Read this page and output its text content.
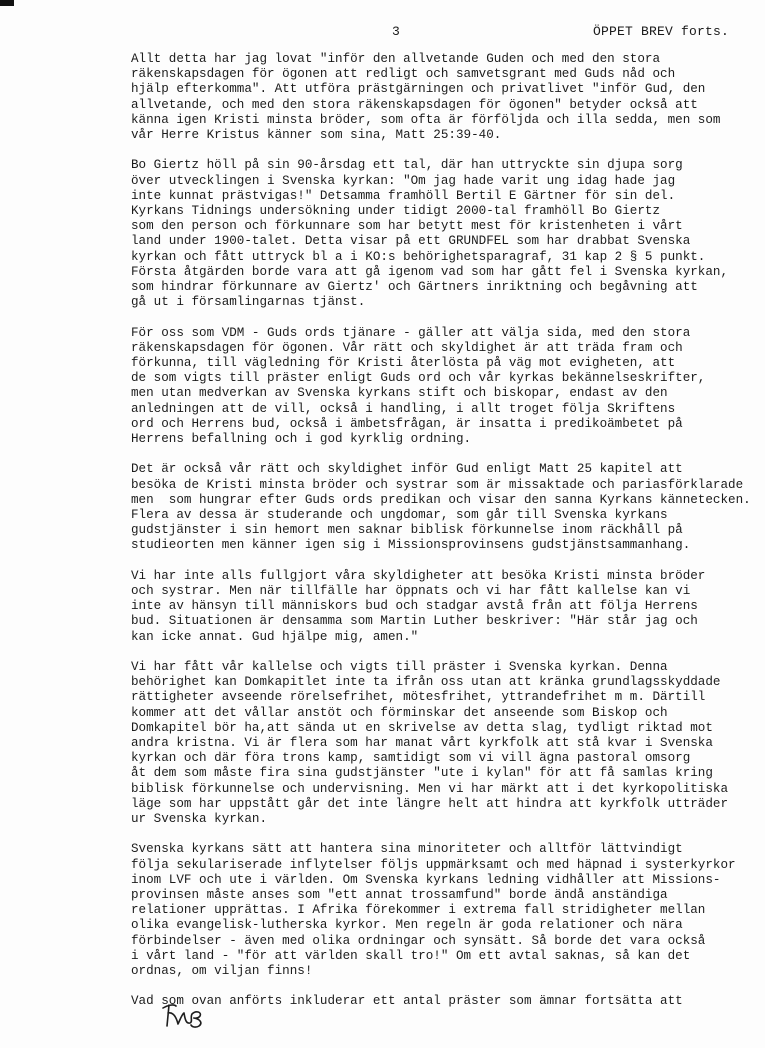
3	ÖPPET BREV forts.
Allt detta har jag lovat "inför den allvetande Guden och med den stora
räkenskapsdagen för ögonen att redligt och samvetsgrant med Guds nåd och
hjälp efterkomma". Att utföra prästgärningen och privatlivet "inför Gud, den
allvetande, och med den stora räkenskapsdagen för ögonen" betyder också att
känna igen Kristi minsta bröder, som ofta är förföljda och illa sedda, men som
vår Herre Kristus känner som sina, Matt 25:39-40.
Bo Giertz höll på sin 90-årsdag ett tal, där han uttryckte sin djupa sorg
över utvecklingen i Svenska kyrkan: "Om jag hade varit ung idag hade jag
inte kunnat prästvigas!" Detsamma framhöll Bertil E Gärtner för sin del.
Kyrkans Tidnings undersökning under tidigt 2000-tal framhöll Bo Giertz
som den person och förkunnare som har betytt mest för kristenheten i vårt
land under 1900-talet. Detta visar på ett GRUNDFEL som har drabbat Svenska
kyrkan och fått uttryck bl a i KO:s behörighetsparagraf, 31 kap 2 § 5 punkt.
Första åtgärden borde vara att gå igenom vad som har gått fel i Svenska kyrkan,
som hindrar förkunnare av Giertz' och Gärtners inriktning och begåvning att
gå ut i församlingarnas tjänst.
För oss som VDM - Guds ords tjänare - gäller att välja sida, med den stora
räkenskapsdagen för ögonen. Vår rätt och skyldighet är att träda fram och
förkunna, till vägledning för Kristi återlösta på väg mot evigheten, att
de som vigts till präster enligt Guds ord och vår kyrkas bekännelseskrifter,
men utan medverkan av Svenska kyrkans stift och biskopar, endast av den
anledningen att de vill, också i handling, i allt troget följa Skriftens
ord och Herrens bud, också i ämbetsfrågan, är insatta i predikoämbetet på
Herrens befallning och i god kyrklig ordning.
Det är också vår rätt och skyldighet inför Gud enligt Matt 25 kapitel att
besöka de Kristi minsta bröder och systrar som är missaktade och pariasförklarade
men  som hungrar efter Guds ords predikan och visar den sanna Kyrkans kännetecken.
Flera av dessa är studerande och ungdomar, som går till Svenska kyrkans
gudstjänster i sin hemort men saknar biblisk förkunnelse inom räckhåll på
studieorten men känner igen sig i Missionsprovinsens gudstjänstsammanhang.
Vi har inte alls fullgjort våra skyldigheter att besöka Kristi minsta bröder
och systrar. Men när tillfälle har öppnats och vi har fått kallelse kan vi
inte av hänsyn till människors bud och stadgar avstå från att följa Herrens
bud. Situationen är densamma som Martin Luther beskriver: "Här står jag och
kan icke annat. Gud hjälpe mig, amen."
Vi har fått vår kallelse och vigts till präster i Svenska kyrkan. Denna
behörighet kan Domkapitlet inte ta ifrån oss utan att kränka grundlagsskyddade
rättigheter avseende rörelsefrihet, mötesfrihet, yttrandefrihet m m. Därtill
kommer att det vållar anstöt och förminskar det anseende som Biskop och
Domkapitel bör ha,att sända ut en skrivelse av detta slag, tydligt riktad mot
andra kristna. Vi är flera som har manat vårt kyrkfolk att stå kvar i Svenska
kyrkan och där föra trons kamp, samtidigt som vi vill ägna pastoral omsorg
åt dem som måste fira sina gudstjänster "ute i kylan" för att få samlas kring
biblisk förkunnelse och undervisning. Men vi har märkt att i det kyrkopolitiska
läge som har uppstått går det inte längre helt att hindra att kyrkfolk utträder
ur Svenska kyrkan.
Svenska kyrkans sätt att hantera sina minoriteter och alltför lättvindigt
följa sekulariserade inflytelser följs uppmärksamt och med häpnad i systerkyrkor
inom LVF och ute i världen. Om Svenska kyrkans ledning vidhåller att Missions-
provinsen måste anses som "ett annat trossamfund" borde ändå anständiga
relationer upprättas. I Afrika förekommer i extrema fall stridigheter mellan
olika evangelisk-lutherska kyrkor. Men regeln är goda relationer och nära
förbindelser - även med olika ordningar och synsätt. Så borde det vara också
i vårt land - "för att världen skall tro!" Om ett avtal saknas, så kan det
ordnas, om viljan finns!
Vad som ovan anförts inkluderar ett antal präster som ämnar fortsätta att
